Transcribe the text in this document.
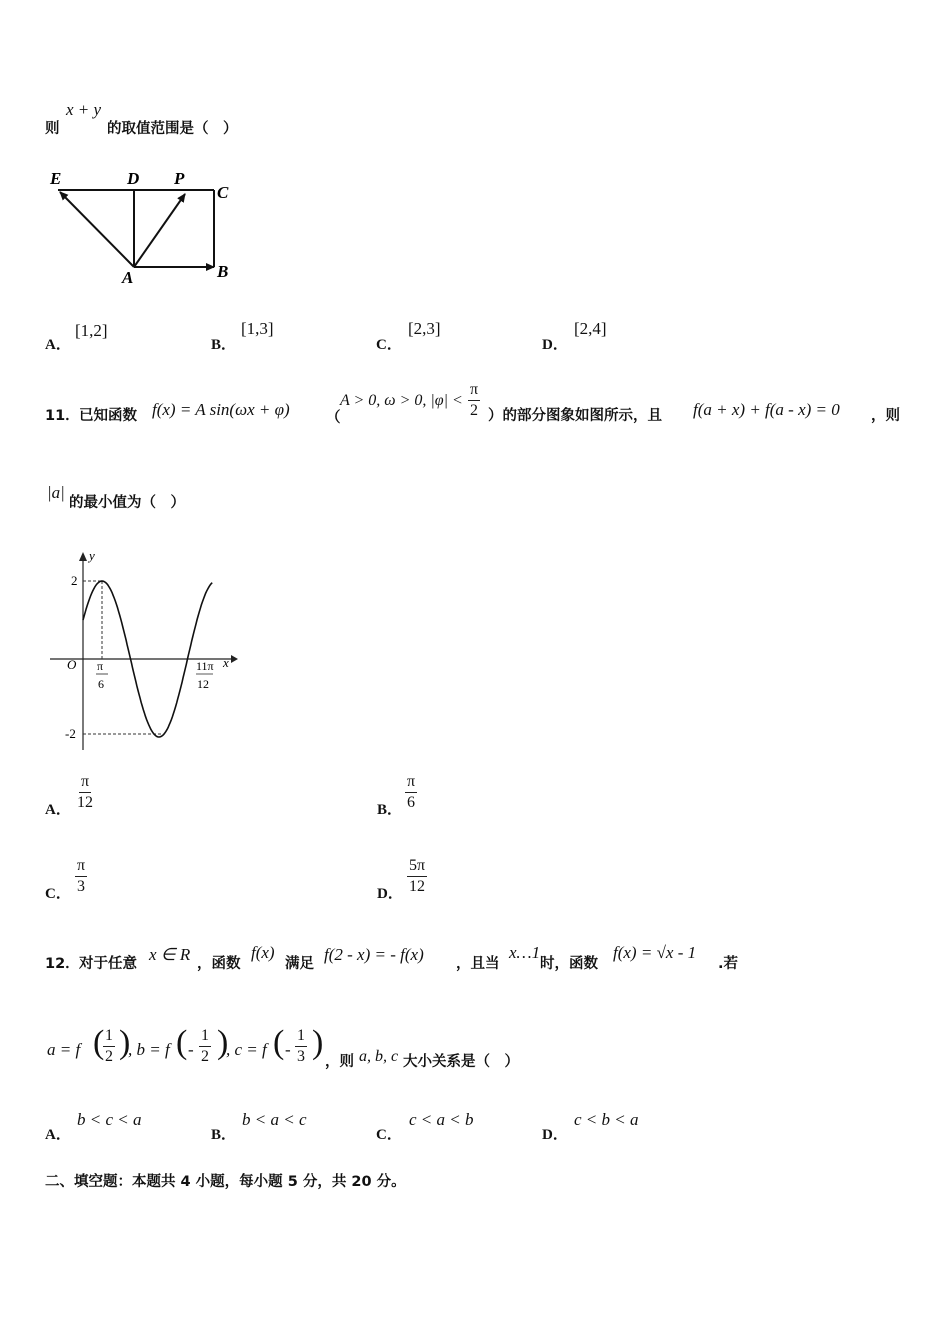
则
x + y
的取值范围是（　）
E	D P
C
A	B
A．
[1,2]
B．
[1,3]
C．
[2,3]
D．
[2,4]
11． 已知函数 f(x) = A sin(ωx + φ)	（
A > 0, ω > 0, $|\varphi| < \frac{\pi}{2}$ ）的部分图象如图所示，且 f(a + x) + f(a - x) = 0 ，则
|a|
的最小值为（　）
y
x
O
2
-2
π
6
11π
12
A． $\frac{\pi}{12}$	B． $\frac{\pi}{6}$
C． $\frac{\pi}{3}$	D． $\frac{5\pi}{12}$
12． 对于任意 x ∈ R ，函数
f(x)
满足 f(2 - x) = - f(x) ，且当
x…1
时，函数
f(x) = √x - 1
.若
a = f (
$\frac{1}{2}$ )
, b = f ( - $\frac{1}{2}$ )
, c = f ( - $\frac{1}{3}$ )
，则 a, b, c 大小关系是（　）
A．
b < c < a
B．
b < a < c
C．
c < a < b
D．
c < b < a
二、填空题：本题共 4 小题，每小题 5 分，共 20 分。
